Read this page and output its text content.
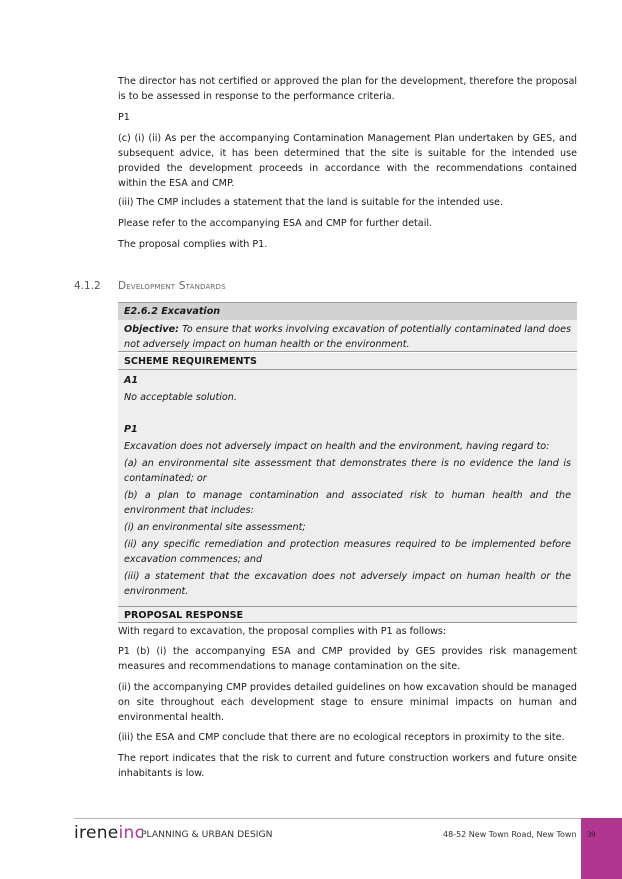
The director has not certified or approved the plan for the development, therefore the proposal is to be assessed in response to the performance criteria.

P1

(c) (i) (ii) As per the accompanying Contamination Management Plan undertaken by GES, and subsequent advice, it has been determined that the site is suitable for the intended use provided the development proceeds in accordance with the recommendations contained within the ESA and CMP.

(iii) The CMP includes a statement that the land is suitable for the intended use.

Please refer to the accompanying ESA and CMP for further detail.

The proposal complies with P1.

4.1.2 Development Standards
E2.6.2 Excavation
Objective: To ensure that works involving excavation of potentially contaminated land does not adversely impact on human health or the environment.
SCHEME REQUIREMENTS

A1

No acceptable solution.

P1

Excavation does not adversely impact on health and the environment, having regard to:

(a) an environmental site assessment that demonstrates there is no evidence the land is contaminated; or

(b) a plan to manage contamination and associated risk to human health and the environment that includes:

(i) an environmental site assessment;

(ii) any specific remediation and protection measures required to be implemented before excavation commences; and

(iii) a statement that the excavation does not adversely impact on human health or the environment.

PROPOSAL RESPONSE

With regard to excavation, the proposal complies with P1 as follows:

P1 (b) (i) the accompanying ESA and CMP provided by GES provides risk management measures and recommendations to manage contamination on the site.

(ii) the accompanying CMP provides detailed guidelines on how excavation should be managed on site throughout each development stage to ensure minimal impacts on human and environmental health.

(iii) the ESA and CMP conclude that there are no ecological receptors in proximity to the site.

The report indicates that the risk to current and future construction workers and future onsite inhabitants is low.

ireneinc
PLANNING & URBAN DESIGN	48-52 New Town Road, New Town 39
